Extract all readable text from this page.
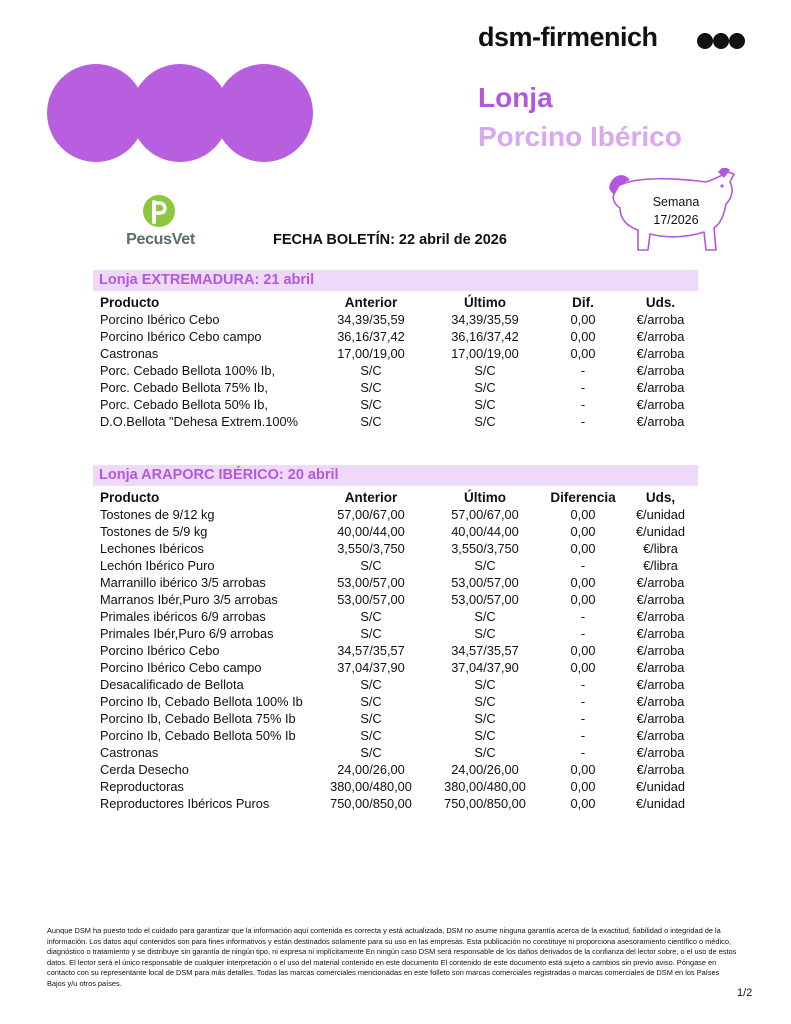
dsm-firmenich
Lonja
Porcino Ibérico
Semana
17/2026
PecusVet	FECHA BOLETÍN: 22 abril de 2026
Lonja EXTREMADURA: 21 abril
Producto	Anterior	Último	Dif.	Uds.
Porcino Ibérico Cebo	34,39/35,59	34,39/35,59	0,00	€/arroba
Porcino Ibérico Cebo campo	36,16/37,42	36,16/37,42	0,00	€/arroba
Castronas	17,00/19,00	17,00/19,00	0,00	€/arroba
Porc. Cebado Bellota 100% Ib,	S/C	S/C	-	€/arroba
Porc. Cebado Bellota 75% Ib,	S/C	S/C	-	€/arroba
Porc. Cebado Bellota 50% Ib,	S/C	S/C	-	€/arroba
D.O.Bellota "Dehesa Extrem.100%	S/C	S/C	-	€/arroba
Lonja ARAPORC IBÉRICO: 20 abril
Producto	Anterior	Último	Diferencia	Uds,
Tostones de 9/12 kg	57,00/67,00	57,00/67,00	0,00	€/unidad
Tostones de 5/9 kg	40,00/44,00	40,00/44,00	0,00	€/unidad
Lechones Ibéricos	3,550/3,750	3,550/3,750	0,00	€/libra
Lechón Ibérico Puro	S/C	S/C	-	€/libra
Marranillo ibérico 3/5 arrobas	53,00/57,00	53,00/57,00	0,00	€/arroba
Marranos Ibér,Puro 3/5 arrobas	53,00/57,00	53,00/57,00	0,00	€/arroba
Primales ibéricos 6/9 arrobas	S/C	S/C	-	€/arroba
Primales Ibér,Puro 6/9 arrobas	S/C	S/C	-	€/arroba
Porcino Ibérico Cebo	34,57/35,57	34,57/35,57	0,00	€/arroba
Porcino Ibérico Cebo campo	37,04/37,90	37,04/37,90	0,00	€/arroba
Desacalificado de Bellota	S/C	S/C	-	€/arroba
Porcino Ib, Cebado Bellota 100% Ib	S/C	S/C	-	€/arroba
Porcino Ib, Cebado Bellota 75% Ib	S/C	S/C	-	€/arroba
Porcino Ib, Cebado Bellota 50% Ib	S/C	S/C	-	€/arroba
Castronas	S/C	S/C	-	€/arroba
Cerda Desecho	24,00/26,00	24,00/26,00	0,00	€/arroba
Reproductoras	380,00/480,00	380,00/480,00	0,00	€/unidad
Reproductores Ibéricos Puros	750,00/850,00	750,00/850,00	0,00	€/unidad
Aunque DSM ha puesto todo el cuidado para garantizar que la información aquí contenida es correcta y está actualizada, DSM no asume ninguna garantía acerca de la exactitud, fiabilidad o integridad de la información. Los datos aquí contenidos son para fines informativos y están destinados solamente para su uso en las empresas. Esta publicación no constituye ni proporciona asesoramiento científico o médico, diagnóstico o tratamiento y se distribuye sin garantía de ningún tipo, ni expresa ni implícitamente En ningún caso DSM será responsable de los daños derivados de la confianza del lector sobre, o el uso de estos datos. El lector será el único responsable de cualquier interpretación o el uso del material contenido en este documento El contenido de este documento está sujeto a cambios sin previo aviso. Póngase en contacto con su representante local de DSM para más detalles. Todas las marcas comerciales mencionadas en este folleto son marcas comerciales registradas o marcas comerciales de DSM en los Países Bajos y/u otros países.
1/2
